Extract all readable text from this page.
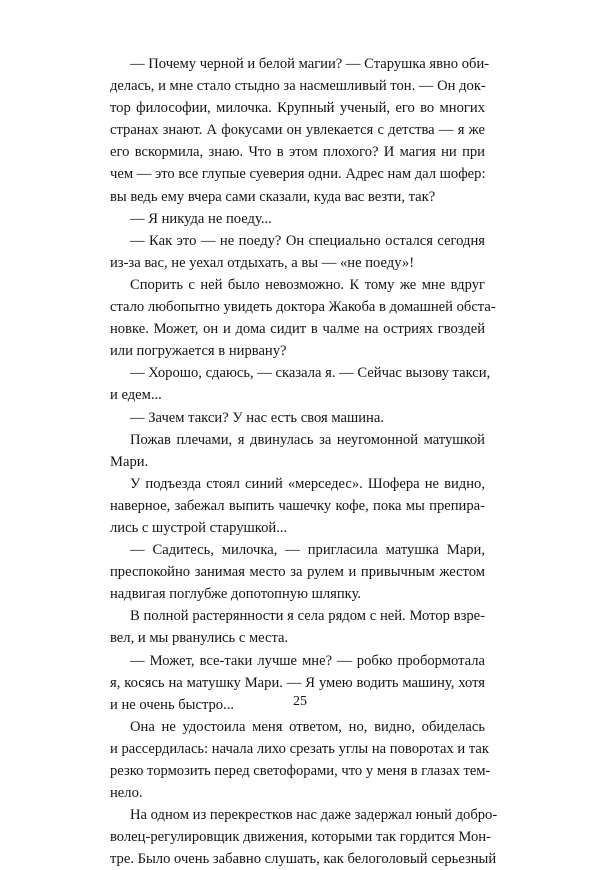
— Почему черной и белой магии? — Старушка явно оби-
делась, и мне стало стыдно за насмешливый тон. — Он док-
тор философии, милочка. Крупный ученый, его во многих
странах знают. А фокусами он увлекается с детства — я же
его вскормила, знаю. Что в этом плохого? И магия ни при
чем — это все глупые суеверия одни. Адрес нам дал шофер:
вы ведь ему вчера сами сказали, куда вас везти, так?
— Я никуда не поеду...
— Как это — не поеду? Он специально остался сегодня
из-за вас, не уехал отдыхать, а вы — «не поеду»!
Спорить с ней было невозможно. К тому же мне вдруг
стало любопытно увидеть доктора Жакоба в домашней обста-
новке. Может, он и дома сидит в чалме на остриях гвоздей
или погружается в нирвану?
— Хорошо, сдаюсь, — сказала я. — Сейчас вызову такси,
и едем...
— Зачем такси? У нас есть своя машина.
Пожав плечами, я двинулась за неугомонной матушкой
Мари.
У подъезда стоял синий «мерседес». Шофера не видно,
наверное, забежал выпить чашечку кофе, пока мы препира-
лись с шустрой старушкой...
— Садитесь, милочка, — пригласила матушка Мари,
преспокойно занимая место за рулем и привычным жестом
надвигая поглубже допотопную шляпку.
В полной растерянности я села рядом с ней. Мотор взре-
вел, и мы рванулись с места.
— Может, все-таки лучше мне? — робко пробормотала
я, косясь на матушку Мари. — Я умею водить машину, хотя
и не очень быстро...
Она не удостоила меня ответом, но, видно, обиделась
и рассердилась: начала лихо срезать углы на поворотах и так
резко тормозить перед светофорами, что у меня в глазах тем-
нело.
На одном из перекрестков нас даже задержал юный добро-
волец-регулировщик движения, которыми так гордится Мон-
тре. Было очень забавно слушать, как белоголовый серьезный
25
